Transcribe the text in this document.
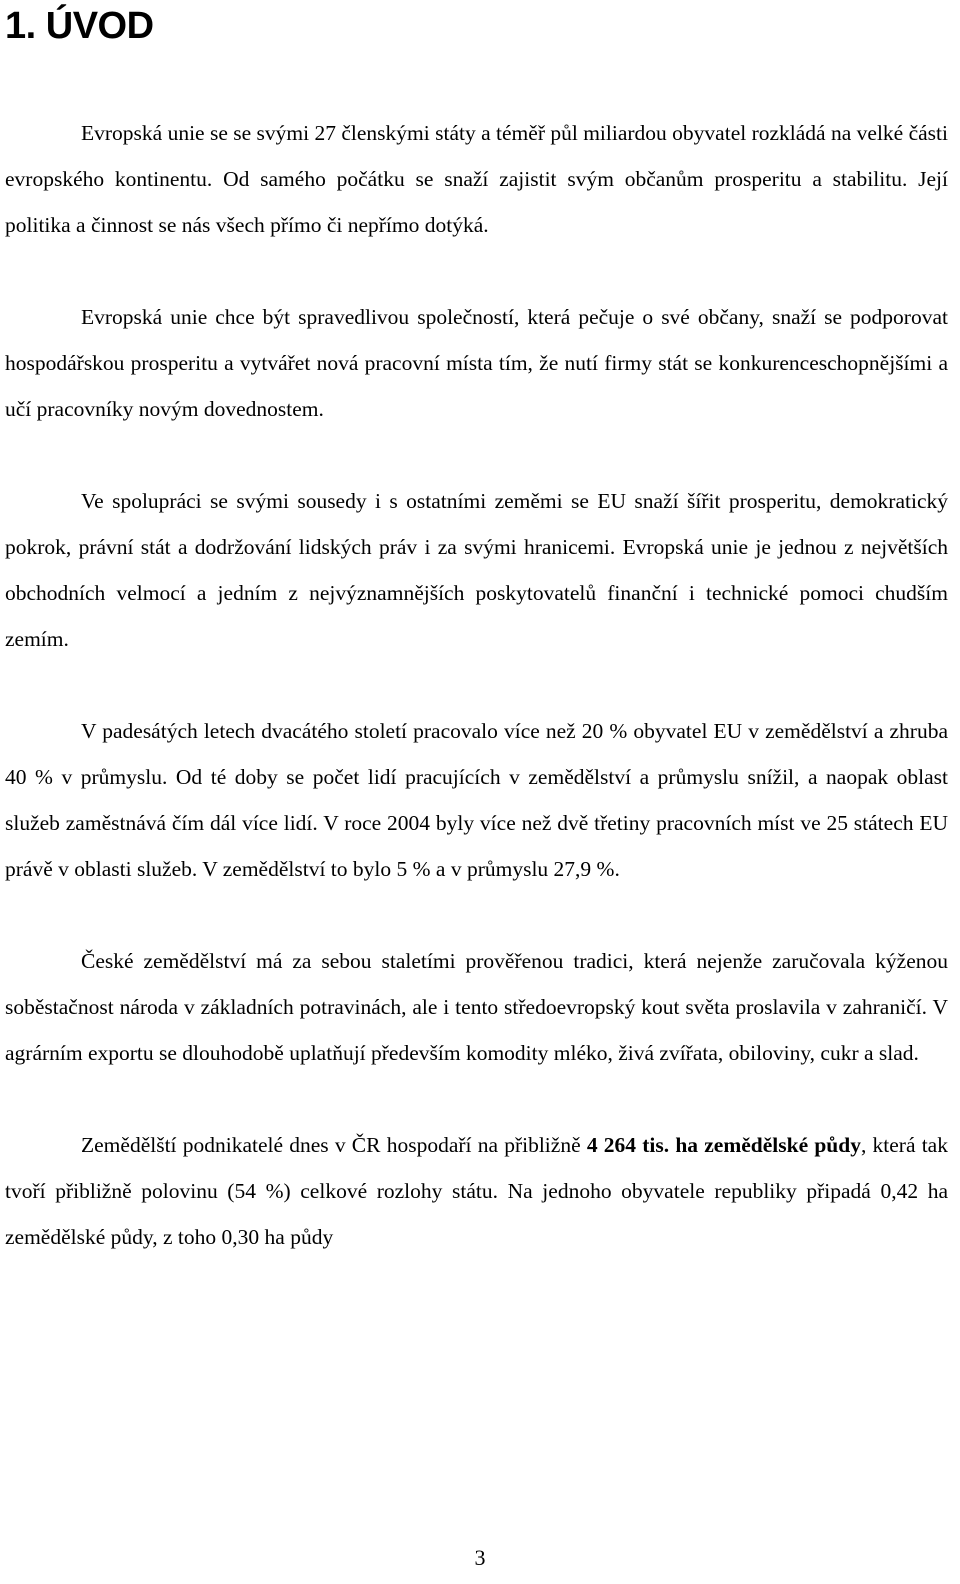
1. ÚVOD

Evropská unie se se svými 27 členskými státy a téměř půl miliardou obyvatel rozkládá na velké části evropského kontinentu. Od samého počátku se snaží zajistit svým občanům prosperitu a stabilitu. Její politika a činnost se nás všech přímo či nepřímo dotýká.

Evropská unie chce být spravedlivou společností, která pečuje o své občany, snaží se podporovat hospodářskou prosperitu a vytvářet nová pracovní místa tím, že nutí firmy stát se konkurenceschopnějšími a učí pracovníky novým dovednostem.

Ve spolupráci se svými sousedy i s ostatními zeměmi se EU snaží šířit prosperitu, demokratický pokrok, právní stát a dodržování lidských práv i za svými hranicemi. Evropská unie je jednou z největších obchodních velmocí a jedním z nejvýznamnějších poskytovatelů finanční i technické pomoci chudším zemím.

V padesátých letech dvacátého století pracovalo více než 20 % obyvatel EU v zemědělství a zhruba 40 % v průmyslu. Od té doby se počet lidí pracujících v zemědělství a průmyslu snížil, a naopak oblast služeb zaměstnává čím dál více lidí. V roce 2004 byly více než dvě třetiny pracovních míst ve 25 státech EU právě v oblasti služeb. V zemědělství to bylo 5 % a v průmyslu 27,9 %.

České zemědělství má za sebou staletími prověřenou tradici, která nejenže zaručovala kýženou soběstačnost národa v základních potravinách, ale i tento středoevropský kout světa proslavila v zahraničí. V agrárním exportu se dlouhodobě uplatňují především komodity mléko, živá zvířata, obiloviny, cukr a slad.

Zemědělští podnikatelé dnes v ČR hospodaří na přibližně 4 264 tis. ha zemědělské půdy, která tak tvoří přibližně polovinu (54 %) celkové rozlohy státu. Na jednoho obyvatele republiky připadá 0,42 ha zemědělské půdy, z toho 0,30 ha půdy

3
